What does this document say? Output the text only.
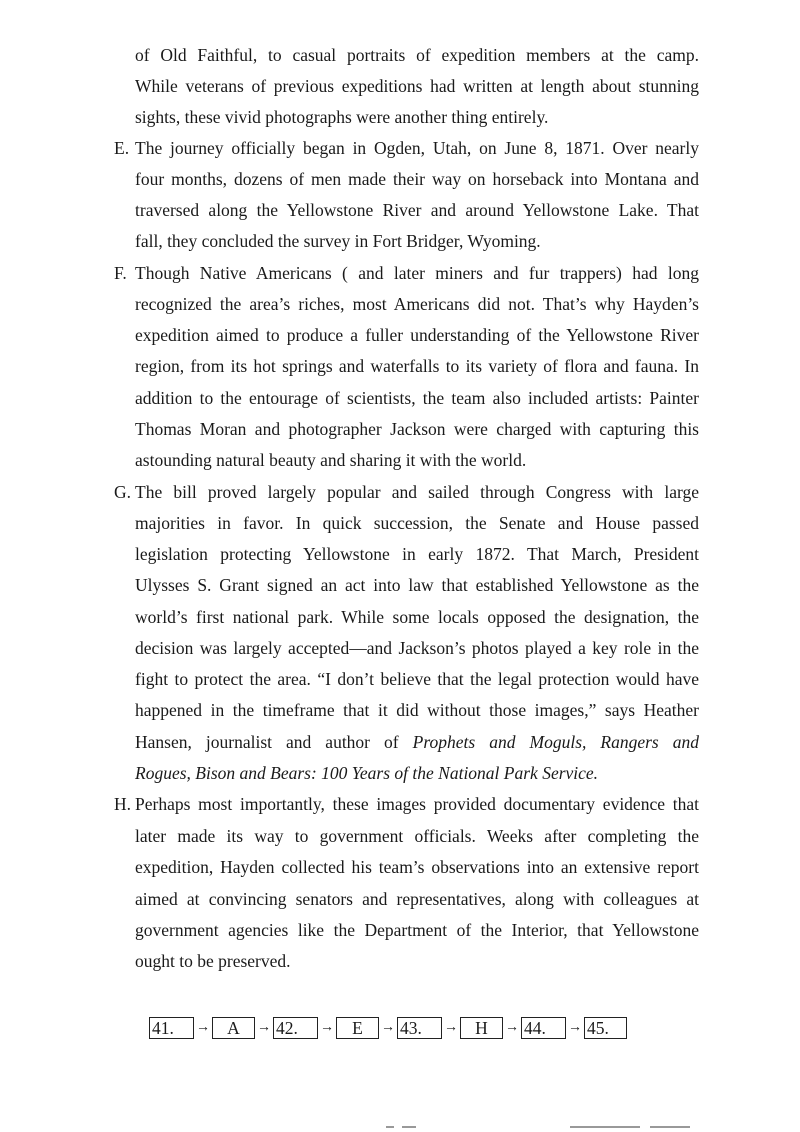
of Old Faithful, to casual portraits of expedition members at the camp.
While veterans of previous expeditions had written at length about stunning
sights, these vivid photographs were another thing entirely.
E. The journey officially began in Ogden, Utah, on June 8, 1871. Over nearly
four months, dozens of men made their way on horseback into Montana and
traversed along the Yellowstone River and around Yellowstone Lake. That
fall, they concluded the survey in Fort Bridger, Wyoming.
F. Though Native Americans ( and later miners and fur trappers) had long
recognized the area’s riches, most Americans did not. That’s why Hayden’s
expedition aimed to produce a fuller understanding of the Yellowstone River
region, from its hot springs and waterfalls to its variety of flora and fauna. In
addition to the entourage of scientists, the team also included artists: Painter
Thomas Moran and photographer Jackson were charged with capturing this
astounding natural beauty and sharing it with the world.
G. The bill proved largely popular and sailed through Congress with large
majorities in favor. In quick succession, the Senate and House passed
legislation protecting Yellowstone in early 1872. That March, President
Ulysses S. Grant signed an act into law that established Yellowstone as the
world’s first national park. While some locals opposed the designation, the
decision was largely accepted—and Jackson’s photos played a key role in the
fight to protect the area. “I don’t believe that the legal protection would have
happened in the timeframe that it did without those images,” says Heather
Hansen, journalist and author of Prophets and Moguls, Rangers and
Rogues, Bison and Bears: 100 Years of the National Park Service.
H. Perhaps most importantly, these images provided documentary evidence that
later made its way to government officials. Weeks after completing the
expedition, Hayden collected his team’s observations into an extensive report
aimed at convincing senators and representatives, along with colleagues at
government agencies like the Department of the Interior, that Yellowstone
ought to be preserved.
41.	→ A	→ 42.	→	E	→ 43.	→ H	→ 44.	→ 45.
